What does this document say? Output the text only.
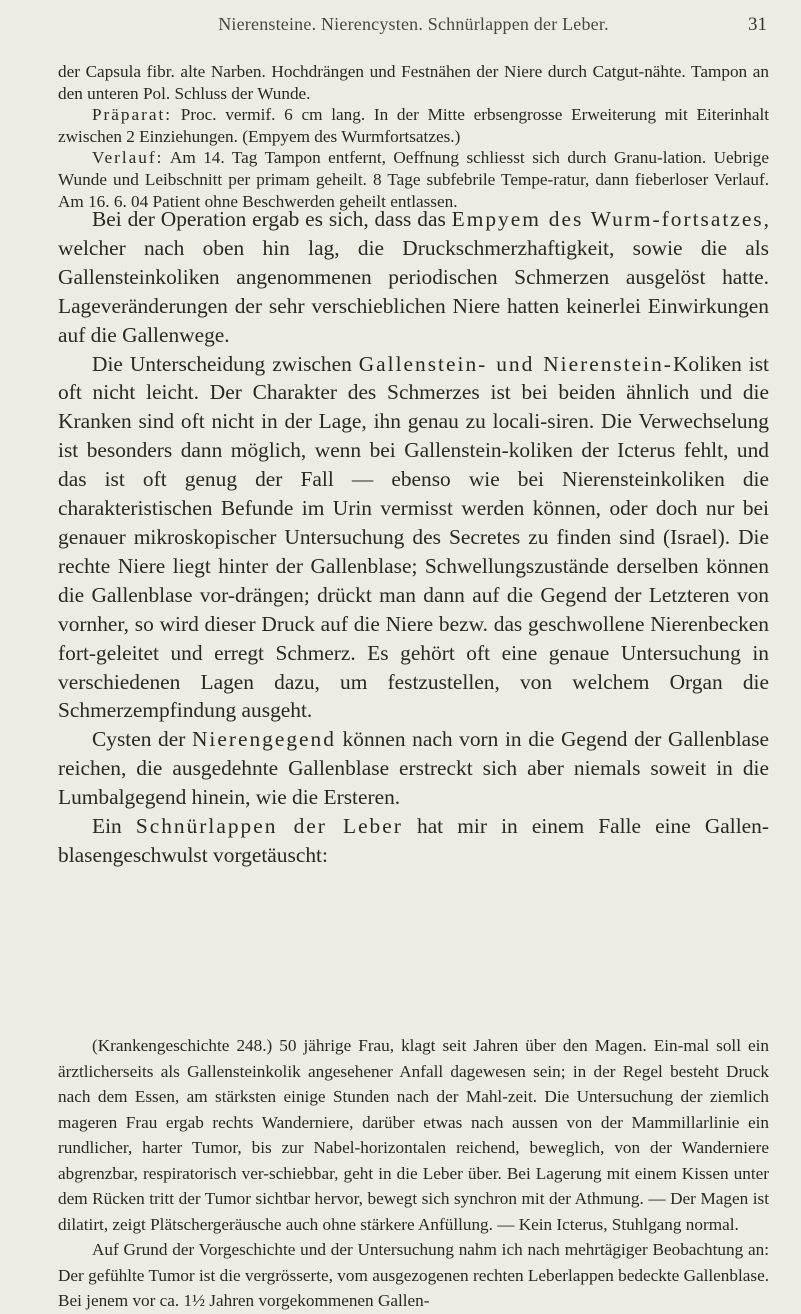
Nierensteine. Nierencysten. Schnürlappen der Leber.	31

der Capsula fibr. alte Narben. Hochdrängen und Festnähen der Niere durch Catgut-nähte. Tampon an den unteren Pol. Schluss der Wunde.

Präparat: Proc. vermif. 6 cm lang. In der Mitte erbsengrosse Erweiterung mit Eiterinhalt zwischen 2 Einziehungen. (Empyem des Wurmfortsatzes.)

Verlauf: Am 14. Tag Tampon entfernt, Oeffnung schliesst sich durch Granu-lation. Uebrige Wunde und Leibschnitt per primam geheilt. 8 Tage subfebrile Tempe-ratur, dann fieberloser Verlauf. Am 16. 6. 04 Patient ohne Beschwerden geheilt entlassen.

Bei der Operation ergab es sich, dass das Empyem des Wurm-fortsatzes, welcher nach oben hin lag, die Druckschmerzhaftigkeit, sowie die als Gallensteinkoliken angenommenen periodischen Schmerzen ausgelöst hatte. Lageveränderungen der sehr verschieblichen Niere hatten keinerlei Einwirkungen auf die Gallenwege.

Die Unterscheidung zwischen Gallenstein- und Nierenstein-Koliken ist oft nicht leicht. Der Charakter des Schmerzes ist bei beiden ähnlich und die Kranken sind oft nicht in der Lage, ihn genau zu locali-siren. Die Verwechselung ist besonders dann möglich, wenn bei Gallenstein-koliken der Icterus fehlt, und das ist oft genug der Fall — ebenso wie bei Nierensteinkoliken die charakteristischen Befunde im Urin vermisst werden können, oder doch nur bei genauer mikroskopischer Untersuchung des Secretes zu finden sind (Israel). Die rechte Niere liegt hinter der Gallenblase; Schwellungszustände derselben können die Gallenblase vor-drängen; drückt man dann auf die Gegend der Letzteren von vornher, so wird dieser Druck auf die Niere bezw. das geschwollene Nierenbecken fort-geleitet und erregt Schmerz. Es gehört oft eine genaue Untersuchung in verschiedenen Lagen dazu, um festzustellen, von welchem Organ die Schmerzempfindung ausgeht.

Cysten der Nierengegend können nach vorn in die Gegend der Gallenblase reichen, die ausgedehnte Gallenblase erstreckt sich aber niemals soweit in die Lumbalgegend hinein, wie die Ersteren.

Ein Schnürlappen der Leber hat mir in einem Falle eine Gallen-blasengeschwulst vorgetäuscht:

(Krankengeschichte 248.) 50 jährige Frau, klagt seit Jahren über den Magen. Ein-mal soll ein ärztlicherseits als Gallensteinkolik angesehener Anfall dagewesen sein; in der Regel besteht Druck nach dem Essen, am stärksten einige Stunden nach der Mahl-zeit. Die Untersuchung der ziemlich mageren Frau ergab rechts Wanderniere, darüber etwas nach aussen von der Mammillarlinie ein rundlicher, harter Tumor, bis zur Nabel-horizontalen reichend, beweglich, von der Wanderniere abgrenzbar, respiratorisch ver-schiebbar, geht in die Leber über. Bei Lagerung mit einem Kissen unter dem Rücken tritt der Tumor sichtbar hervor, bewegt sich synchron mit der Athmung. — Der Magen ist dilatirt, zeigt Plätschergeräusche auch ohne stärkere Anfüllung. — Kein Icterus, Stuhlgang normal.

Auf Grund der Vorgeschichte und der Untersuchung nahm ich nach mehrtägiger Beobachtung an: Der gefühlte Tumor ist die vergrösserte, vom ausgezogenen rechten Leberlappen bedeckte Gallenblase. Bei jenem vor ca. 1½ Jahren vorgekommenen Gallen-
